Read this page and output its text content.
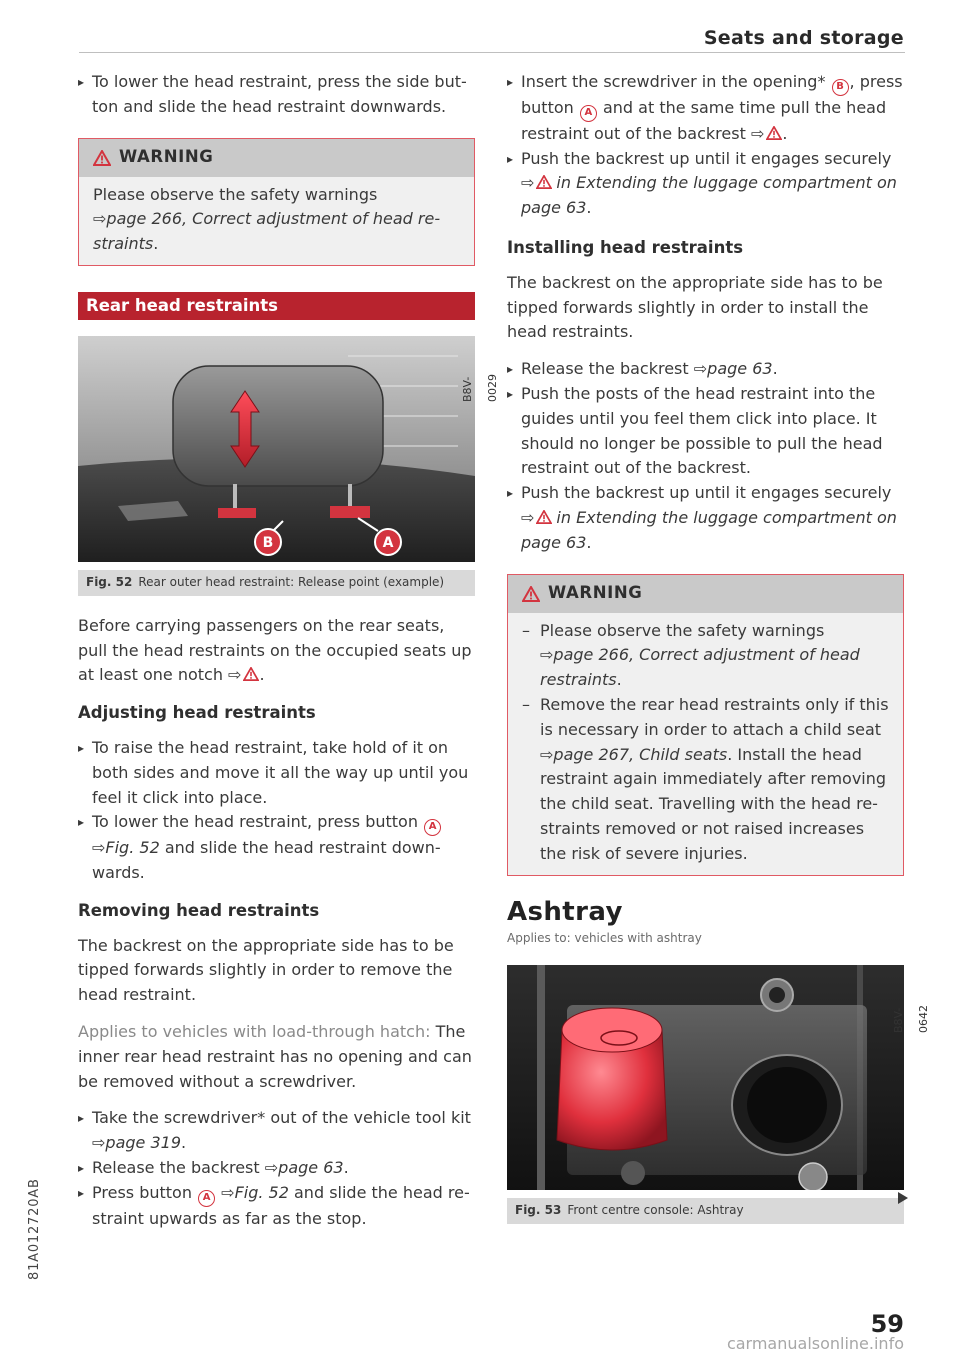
Seats and storage

▸ To lower the head restraint, press the side but-ton and slide the head restraint downwards.

WARNING

Please observe the safety warnings
⇨page 266, Correct adjustment of head re-straints.

Rear head restraints
B	A
B8V-0029
Fig. 52 Rear outer head restraint: Release point (example)

Before carrying passengers on the rear seats, pull the head restraints on the occupied seats up at least one notch ⇨ .

Adjusting head restraints

▸ To raise the head restraint, take hold of it on both sides and move it all the way up until you feel it click into place.

▸ To lower the head restraint, press button A
⇨Fig. 52 and slide the head restraint down-wards.

Removing head restraints

The backrest on the appropriate side has to be tipped forwards slightly in order to remove the head restraint.

Applies to vehicles with load-through hatch: The inner rear head restraint has no opening and can be removed without a screwdriver.

▸ Take the screwdriver* out of the vehicle tool kit
⇨page 319.

▸ Release the backrest ⇨page 63.

▸ Press button A ⇨Fig. 52 and slide the head re-straint upwards as far as the stop.

▸ Insert the screwdriver in the opening* B , press button A and at the same time pull the head restraint out of the backrest ⇨ .

▸ Push the backrest up until it engages securely ⇨ in Extending the luggage compartment on page 63.

Installing head restraints

The backrest on the appropriate side has to be tipped forwards slightly in order to install the head restraints.

▸ Release the backrest ⇨page 63.

▸ Push the posts of the head restraint into the guides until you feel them click into place. It should no longer be possible to pull the head restraint out of the backrest.

▸ Push the backrest up until it engages securely ⇨ in Extending the luggage compartment on page 63.

WARNING

– Please observe the safety warnings
⇨page 266, Correct adjustment of head restraints.

– Remove the rear head restraints only if this is necessary in order to attach a child seat ⇨page 267, Child seats. Install the head restraint again immediately after removing the child seat. Travelling with the head re-straints removed or not raised increases the risk of severe injuries.

Ashtray
Applies to: vehicles with ashtray
B8V-0642
Fig. 53 Front centre console: Ashtray
81A012720AB
59
carmanualsonline.info
